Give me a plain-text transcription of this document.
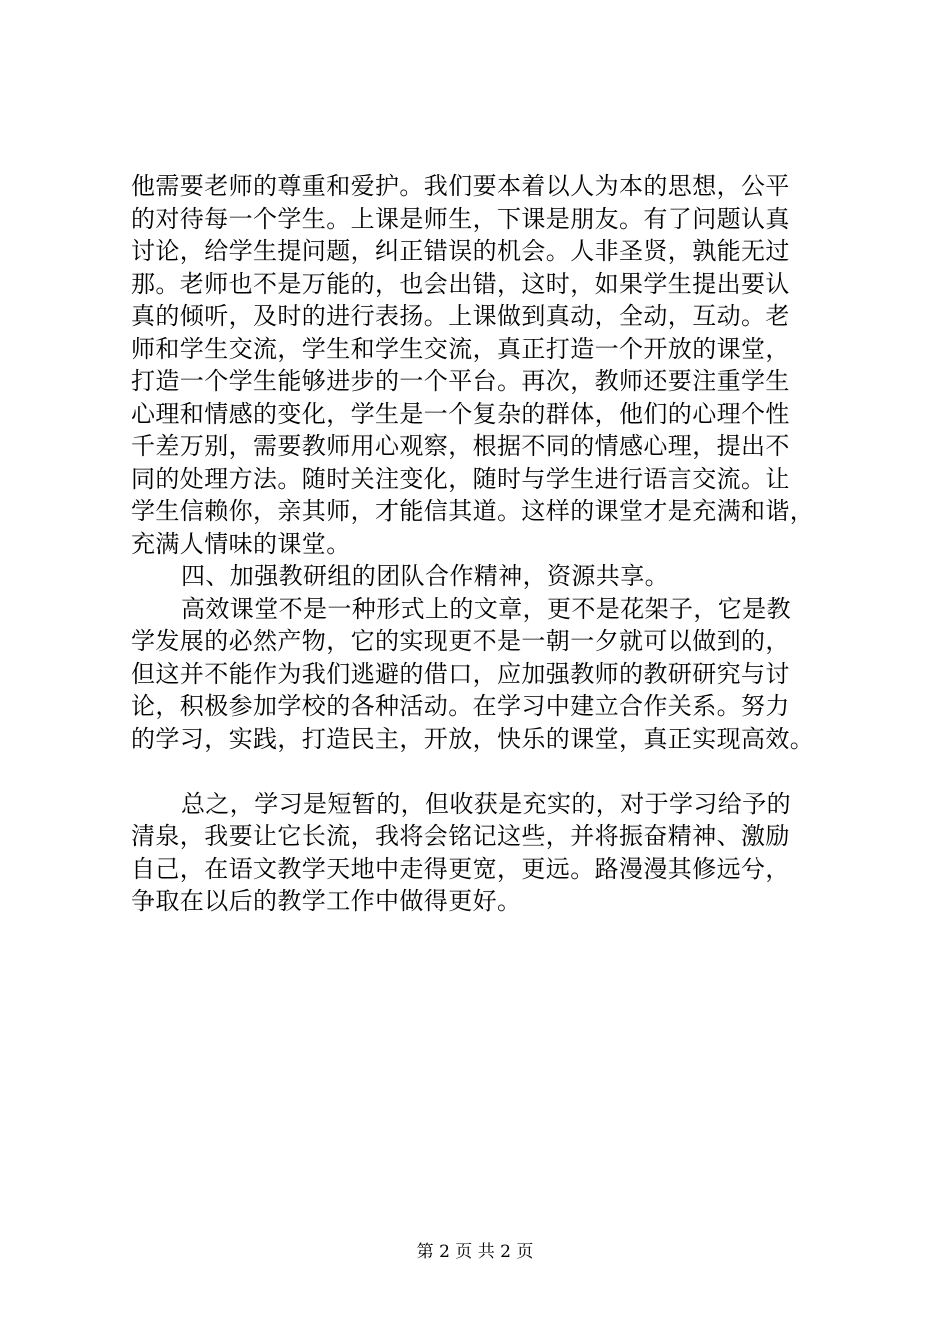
他需要老师的尊重和爱护。我们要本着以人为本的思想，公平
的对待每一个学生。上课是师生，下课是朋友。有了问题认真
讨论，给学生提问题，纠正错误的机会。人非圣贤，孰能无过
那。老师也不是万能的，也会出错，这时，如果学生提出要认
真的倾听，及时的进行表扬。上课做到真动，全动，互动。老
师和学生交流，学生和学生交流，真正打造一个开放的课堂，
打造一个学生能够进步的一个平台。再次，教师还要注重学生
心理和情感的变化，学生是一个复杂的群体，他们的心理个性
千差万别，需要教师用心观察，根据不同的情感心理，提出不
同的处理方法。随时关注变化，随时与学生进行语言交流。让
学生信赖你，亲其师，才能信其道。这样的课堂才是充满和谐，
充满人情味的课堂。
四、加强教研组的团队合作精神，资源共享。
高效课堂不是一种形式上的文章，更不是花架子，它是教
学发展的必然产物，它的实现更不是一朝一夕就可以做到的，
但这并不能作为我们逃避的借口，应加强教师的教研研究与讨
论，积极参加学校的各种活动。在学习中建立合作关系。努力
的学习，实践，打造民主，开放，快乐的课堂，真正实现高效。
总之，学习是短暂的，但收获是充实的，对于学习给予的
清泉，我要让它长流，我将会铭记这些，并将振奋精神、激励
自己，在语文教学天地中走得更宽，更远。路漫漫其修远兮，
争取在以后的教学工作中做得更好。
第 2 页 共 2 页
